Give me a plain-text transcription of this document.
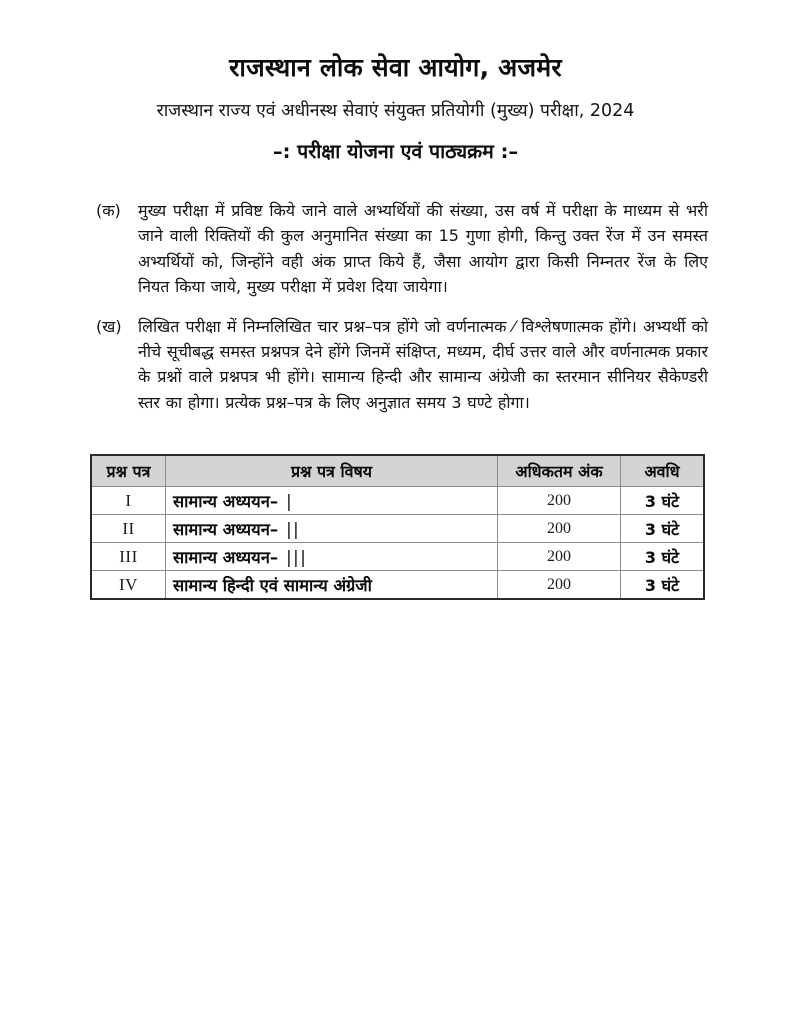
राजस्थान लोक सेवा आयोग, अजमेर
राजस्थान राज्य एवं अधीनस्थ सेवाएं संयुक्त प्रतियोगी (मुख्य) परीक्षा, 2024
–: परीक्षा योजना एवं पाठ्यक्रम :–
(क)	मुख्य परीक्षा में प्रविष्ट किये जाने वाले अभ्यर्थियों की संख्या, उस वर्ष में परीक्षा के माध्यम से भरी जाने वाली रिक्तियों की कुल अनुमानित संख्या का 15 गुणा होगी, किन्तु उक्त रेंज में उन समस्त अभ्यर्थियों को, जिन्होंने वही अंक प्राप्त किये हैं, जैसा आयोग द्वारा किसी निम्नतर रेंज के लिए नियत किया जाये, मुख्य परीक्षा में प्रवेश दिया जायेगा।
(ख)	लिखित परीक्षा में निम्नलिखित चार प्रश्न–पत्र होंगे जो वर्णनात्मक ⁄ विश्लेषणात्मक होंगे। अभ्यर्थी को नीचे सूचीबद्ध समस्त प्रश्नपत्र देने होंगे जिनमें संक्षिप्त, मध्यम, दीर्घ उत्तर वाले और वर्णनात्मक प्रकार के प्रश्नों वाले प्रश्नपत्र भी होंगे। सामान्य हिन्दी और सामान्य अंग्रेजी का स्तरमान सीनियर सैकेण्डरी स्तर का होगा। प्रत्येक प्रश्न–पत्र के लिए अनुज्ञात समय 3 घण्टे होगा।
प्रश्न पत्र	प्रश्न पत्र विषय	अधिकतम अंक	अवधि
I	सामान्य अध्ययन– |	200	3 घंटे
II	सामान्य अध्ययन– ||	200	3 घंटे
III	सामान्य अध्ययन– |||	200	3 घंटे
IV	सामान्य हिन्दी एवं सामान्य अंग्रेजी	200	3 घंटे
